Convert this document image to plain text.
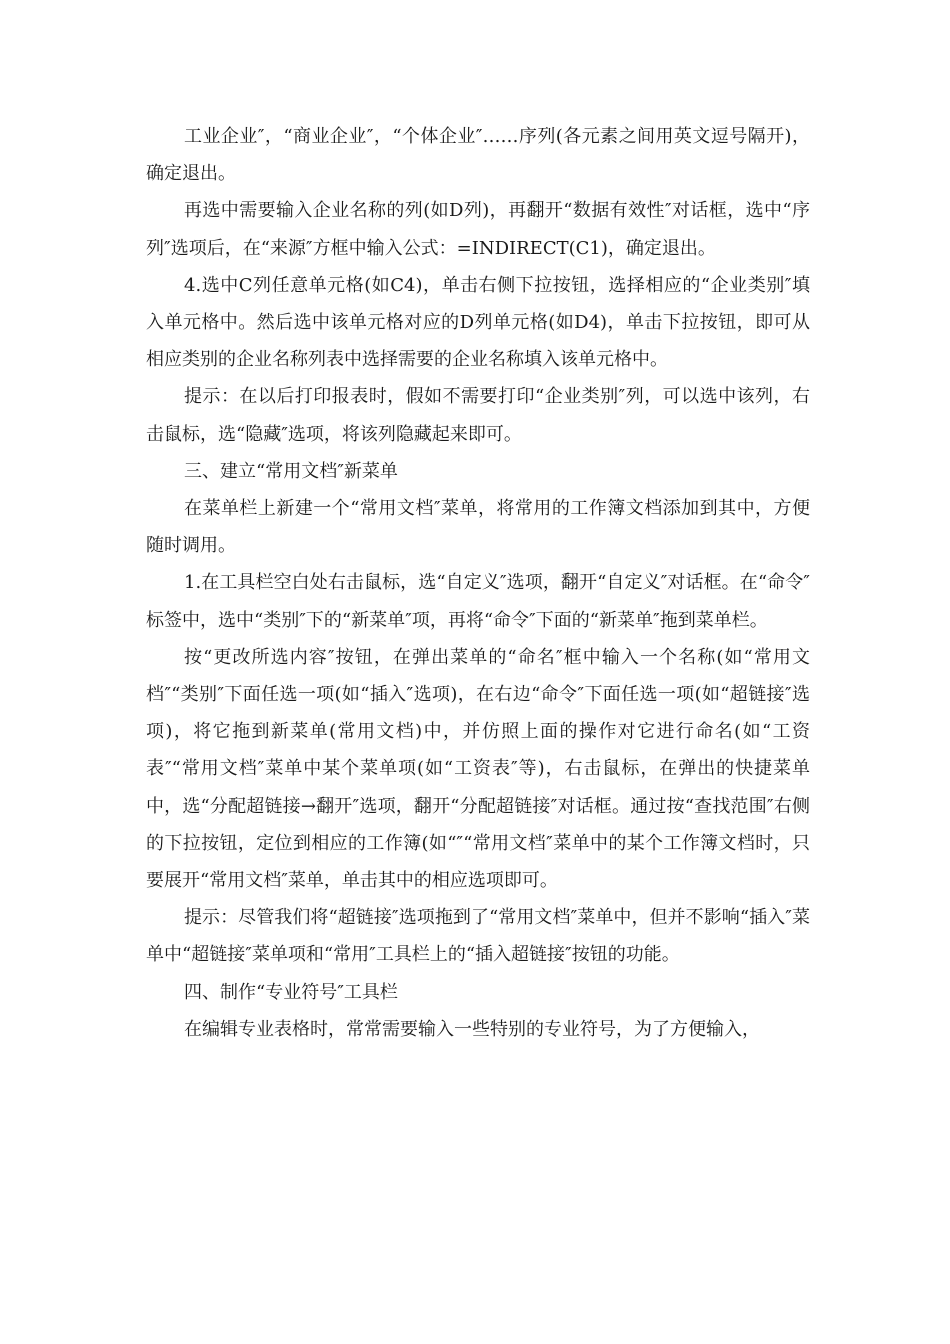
工业企业″，“商业企业″，“个体企业″……序列(各元素之间用英文逗号隔开)，确定退出。

再选中需要输入企业名称的列(如D列)，再翻开“数据有效性″对话框，选中“序列″选项后，在“来源″方框中输入公式：=INDIRECT(C1)，确定退出。

4.选中C列任意单元格(如C4)，单击右侧下拉按钮，选择相应的“企业类别″填入单元格中。然后选中该单元格对应的D列单元格(如D4)，单击下拉按钮，即可从相应类别的企业名称列表中选择需要的企业名称填入该单元格中。

提示：在以后打印报表时，假如不需要打印“企业类别″列，可以选中该列，右击鼠标，选“隐藏″选项，将该列隐藏起来即可。

三、建立“常用文档″新菜单

在菜单栏上新建一个“常用文档″菜单，将常用的工作簿文档添加到其中，方便随时调用。

1.在工具栏空白处右击鼠标，选“自定义″选项，翻开“自定义″对话框。在“命令″标签中，选中“类别″下的“新菜单″项，再将“命令″下面的“新菜单″拖到菜单栏。

按“更改所选内容″按钮，在弹出菜单的“命名″框中输入一个名称(如“常用文档″“类别″下面任选一项(如“插入″选项)，在右边“命令″下面任选一项(如“超链接″选项)，将它拖到新菜单(常用文档)中，并仿照上面的操作对它进行命名(如“工资表″“常用文档″菜单中某个菜单项(如“工资表″等)，右击鼠标，在弹出的快捷菜单中，选“分配超链接→翻开″选项，翻开“分配超链接″对话框。通过按“查找范围″右侧的下拉按钮，定位到相应的工作簿(如“″“常用文档″菜单中的某个工作簿文档时，只要展开“常用文档″菜单，单击其中的相应选项即可。

提示：尽管我们将“超链接″选项拖到了“常用文档″菜单中，但并不影响“插入″菜单中“超链接″菜单项和“常用″工具栏上的“插入超链接″按钮的功能。

四、制作“专业符号″工具栏

在编辑专业表格时，常常需要输入一些特别的专业符号，为了方便输入，
